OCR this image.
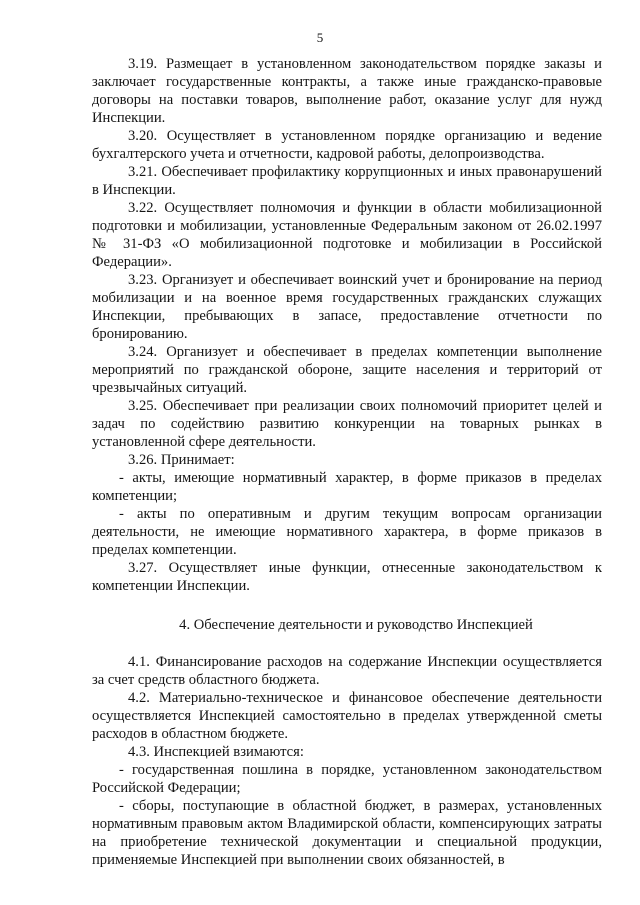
5

3.19. Размещает в установленном законодательством порядке заказы и заключает государственные контракты, а также иные гражданско-правовые договоры на поставки товаров, выполнение работ, оказание услуг для нужд Инспекции.

3.20. Осуществляет в установленном порядке организацию и ведение бухгалтерского учета и отчетности, кадровой работы, делопроизводства.

3.21. Обеспечивает профилактику коррупционных и иных правонарушений в Инспекции.

3.22. Осуществляет полномочия и функции в области мобилизационной подготовки и мобилизации, установленные Федеральным законом от 26.02.1997 № 31-ФЗ «О мобилизационной подготовке и мобилизации в Российской Федерации».

3.23. Организует и обеспечивает воинский учет и бронирование на период мобилизации и на военное время государственных гражданских служащих Инспекции, пребывающих в запасе, предоставление отчетности по бронированию.

3.24. Организует и обеспечивает в пределах компетенции выполнение мероприятий по гражданской обороне, защите населения и территорий от чрезвычайных ситуаций.

3.25. Обеспечивает при реализации своих полномочий приоритет целей и задач по содействию развитию конкуренции на товарных рынках в установленной сфере деятельности.

3.26. Принимает:

- акты, имеющие нормативный характер, в форме приказов в пределах компетенции;

- акты по оперативным и другим текущим вопросам организации деятельности, не имеющие нормативного характера, в форме приказов в пределах компетенции.

3.27. Осуществляет иные функции, отнесенные законодательством к компетенции Инспекции.

4. Обеспечение деятельности и руководство Инспекцией

4.1. Финансирование расходов на содержание Инспекции осуществляется за счет средств областного бюджета.

4.2. Материально-техническое и финансовое обеспечение деятельности осуществляется Инспекцией самостоятельно в пределах утвержденной сметы расходов в областном бюджете.

4.3. Инспекцией взимаются:

- государственная пошлина в порядке, установленном законодательством Российской Федерации;

- сборы, поступающие в областной бюджет, в размерах, установленных нормативным правовым актом Владимирской области, компенсирующих затраты на приобретение технической документации и специальной продукции, применяемые Инспекцией при выполнении своих обязанностей, в
